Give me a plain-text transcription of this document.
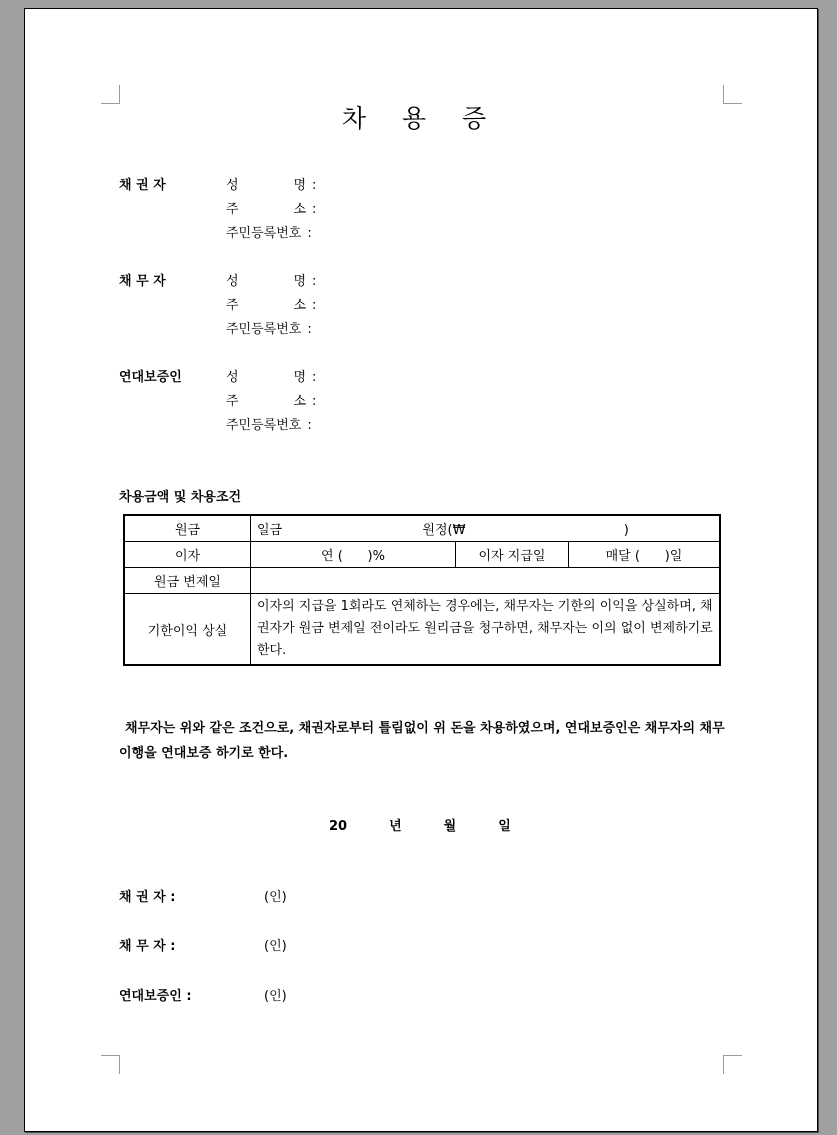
차 용 증
채 권 자	성 명 :
주 소 :
주민등록번호 :
채 무 자	성 명 :
주 소 :
주민등록번호 :
연대보증인	성 명 :
주 소 :
주민등록번호 :
차용금액 및 차용조건
원금	일금 원정(₩ )		
이자	연 (      )%	이자 지급일	매달 (      )일
원금 변제일			
기한이익 상실	이자의 지급을 1회라도 연체하는 경우에는, 채무자는 기한의 이익을 상실하며, 채권자가 원금 변제일 전이라도 원리금을 청구하면, 채무자는 이의 없이 변제하기로 한다.		
채무자는 위와 같은 조건으로, 채권자로부터 틀림없이 위 돈을 차용하였으며, 연대보증인은 채무자의 채무이행을 연대보증 하기로 한다.
20	년	월	일
채 권 자 :	(인)
채 무 자 :	(인)
연대보증인 :	(인)
